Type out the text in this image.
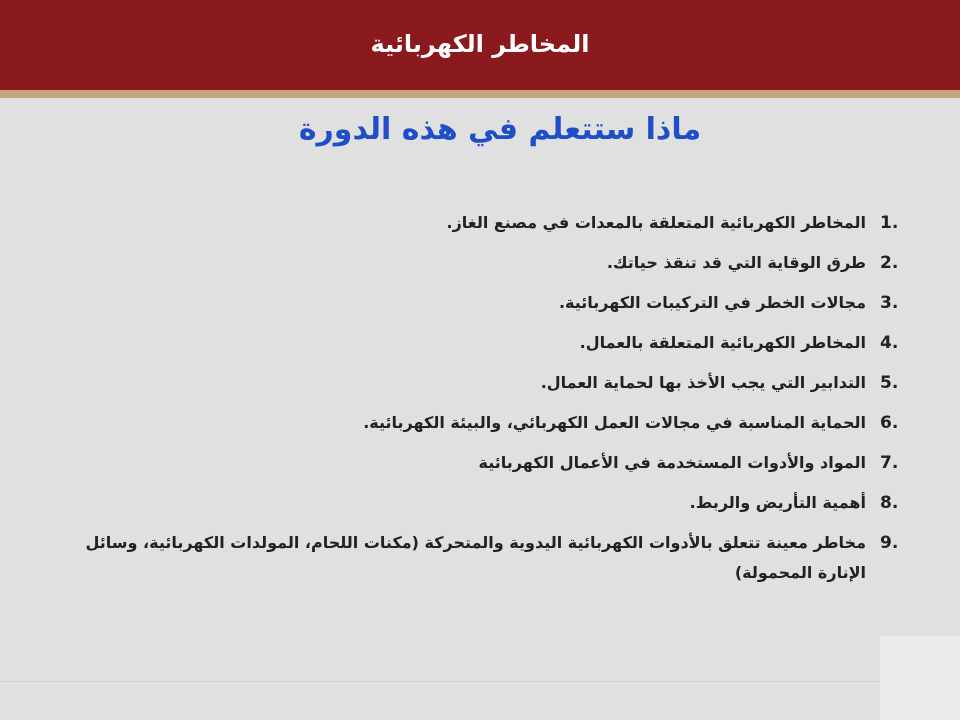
المخاطر الكهربائية
ماذا ستتعلم في هذه الدورة
1.
المخاطر الكهربائية المتعلقة بالمعدات في مصنع الغاز.
2.
طرق الوقاية التي قد تنقذ حياتك.
3.
مجالات الخطر في التركيبات الكهربائية.
4.
المخاطر الكهربائية المتعلقة بالعمال.
5.
التدابير التي يجب الأخذ بها لحماية العمال.
6.
الحماية المناسبة في مجالات العمل الكهربائي، والبيئة الكهربائية.
7.
المواد والأدوات المستخدمة في الأعمال الكهربائية
8.
أهمية التأريض والربط.
9.
مخاطر معينة تتعلق بالأدوات الكهربائية اليدوية والمتحركة (مكنات اللحام، المولدات الكهربائية، وسائل الإنارة المحمولة)
